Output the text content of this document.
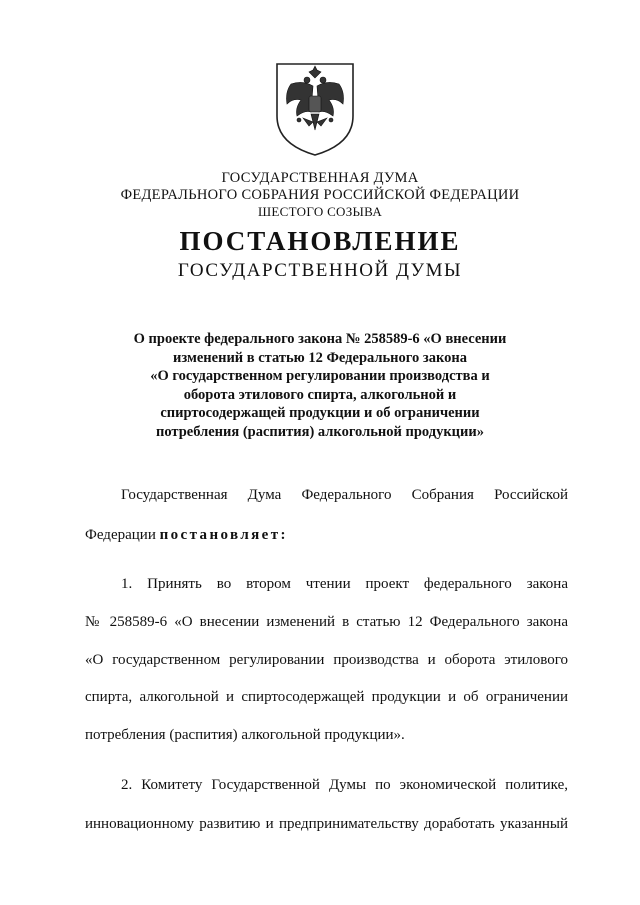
ГОСУДАРСТВЕННАЯ ДУМА
ФЕДЕРАЛЬНОГО СОБРАНИЯ РОССИЙСКОЙ ФЕДЕРАЦИИ
ШЕСТОГО СОЗЫВА
ПОСТАНОВЛЕНИЕ
ГОСУДАРСТВЕННОЙ ДУМЫ
О проекте федерального закона № 258589-6 «О внесении
изменений в статью 12 Федерального закона
«О государственном регулировании производства и
оборота этилового спирта, алкогольной и
спиртосодержащей продукции и об ограничении
потребления (распития) алкогольной продукции»
Государственная Дума Федерального Собрания Российской
Федерации постановляет:
1. Принять во втором чтении проект федерального закона
№ 258589-6 «О внесении изменений в статью 12 Федерального закона
«О государственном регулировании производства и оборота этилового
спирта, алкогольной и спиртосодержащей продукции и об ограничении
потребления (распития) алкогольной продукции».
2. Комитету Государственной Думы по экономической политике,
инновационному развитию и предпринимательству доработать указанный
